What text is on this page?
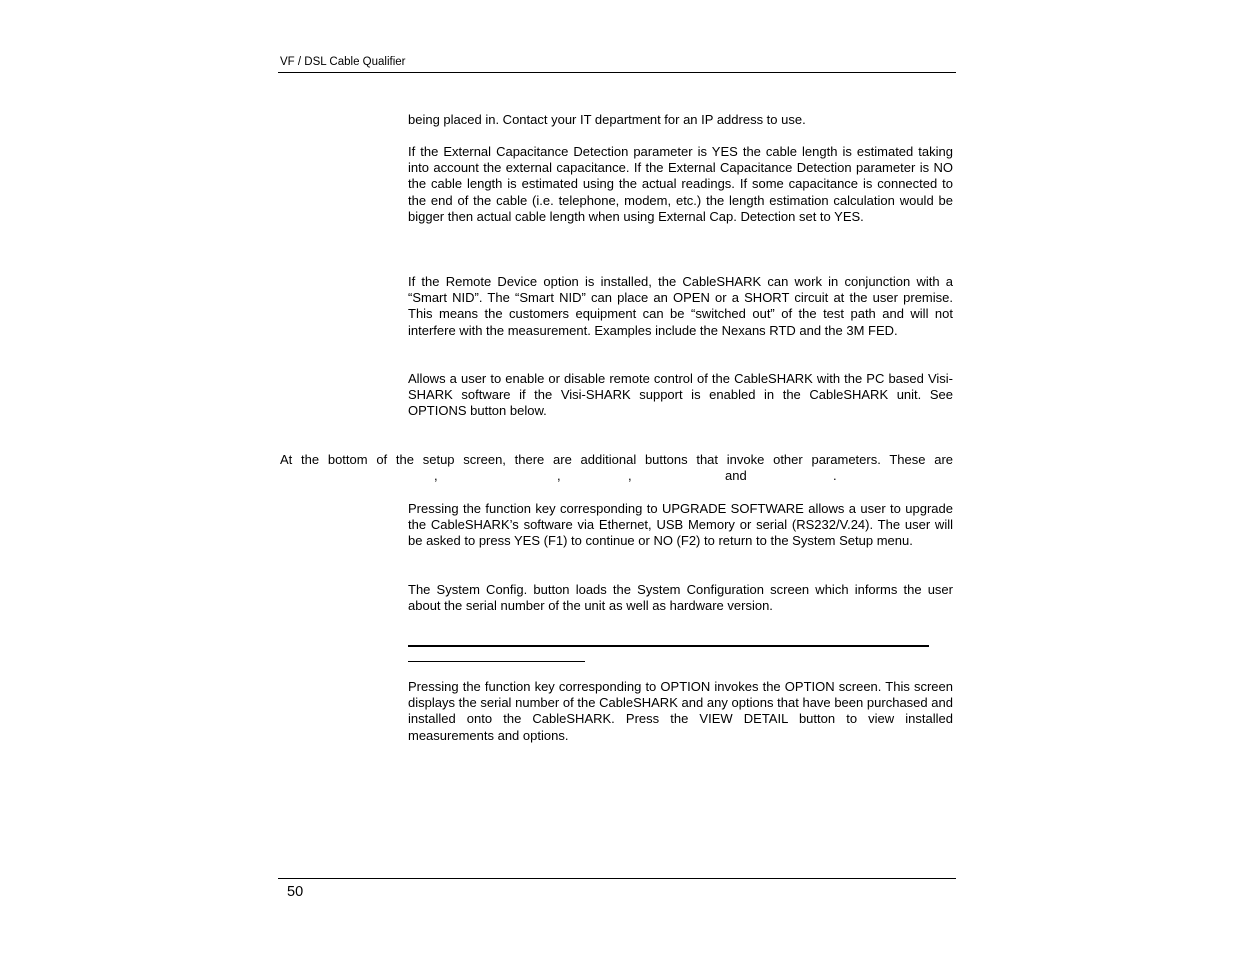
VF / DSL Cable Qualifier

being placed in. Contact your IT department for an IP address to use.

If the External Capacitance Detection parameter is YES the cable length is estimated taking into account the external capacitance. If the External Capacitance Detection parameter is NO the cable length is estimated using the actual readings. If some capacitance is connected to the end of the cable (i.e. telephone, modem, etc.) the length estimation calculation would be bigger then actual cable length when using External Cap. Detection set to YES.

If the Remote Device option is installed, the CableSHARK can work in conjunction with a “Smart NID”. The “Smart NID” can place an OPEN or a SHORT circuit at the user premise. This means the customers equipment can be “switched out” of the test path and will not interfere with the measurement. Examples include the Nexans RTD and the 3M FED.

Allows a user to enable or disable remote control of the CableSHARK with the PC based Visi-SHARK software if the Visi-SHARK support is enabled in the CableSHARK unit. See OPTIONS button below.

At the bottom of the setup screen, there are additional buttons that invoke other parameters. These are

,	,	,	and	.

Pressing the function key corresponding to UPGRADE SOFTWARE allows a user to upgrade the CableSHARK’s software via Ethernet, USB Memory or serial (RS232/V.24). The user will be asked to press YES (F1) to continue or NO (F2) to return to the System Setup menu.

The System Config. button loads the System Configuration screen which informs the user about the serial number of the unit as well as hardware version.

Pressing the function key corresponding to OPTION invokes the OPTION screen. This screen displays the serial number of the CableSHARK and any options that have been purchased and installed onto the CableSHARK. Press the VIEW DETAIL button to view installed measurements and options.

50
